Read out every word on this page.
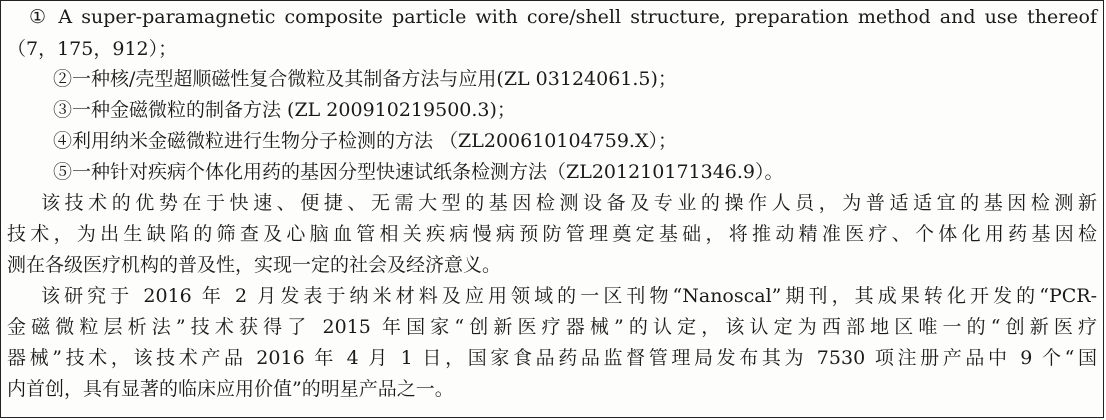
① A super-paramagnetic composite particle with core/shell structure, preparation method and use thereof
（7，175，912）；
②一种核/壳型超顺磁性复合微粒及其制备方法与应用(ZL 03124061.5)；
③一种金磁微粒的制备方法 (ZL 200910219500.3)；
④利用纳米金磁微粒进行生物分子检测的方法 （ZL200610104759.X）；
⑤一种针对疾病个体化用药的基因分型快速试纸条检测方法（ZL201210171346.9）。
该技术的优势在于快速、便捷、无需大型的基因检测设备及专业的操作人员，为普适适宜的基因检测新
技术，为出生缺陷的筛查及心脑血管相关疾病慢病预防管理奠定基础，将推动精准医疗、个体化用药基因检
测在各级医疗机构的普及性，实现一定的社会及经济意义。
该研究于 2016 年 2 月发表于纳米材料及应用领域的一区刊物“Nanoscal”期刊，其成果转化开发的“PCR-
金磁微粒层析法”技术获得了 2015 年国家“创新医疗器械”的认定，该认定为西部地区唯一的“创新医疗
器械”技术，该技术产品 2016 年 4 月 1 日，国家食品药品监督管理局发布其为 7530 项注册产品中 9 个“国
内首创，具有显著的临床应用价值”的明星产品之一。
